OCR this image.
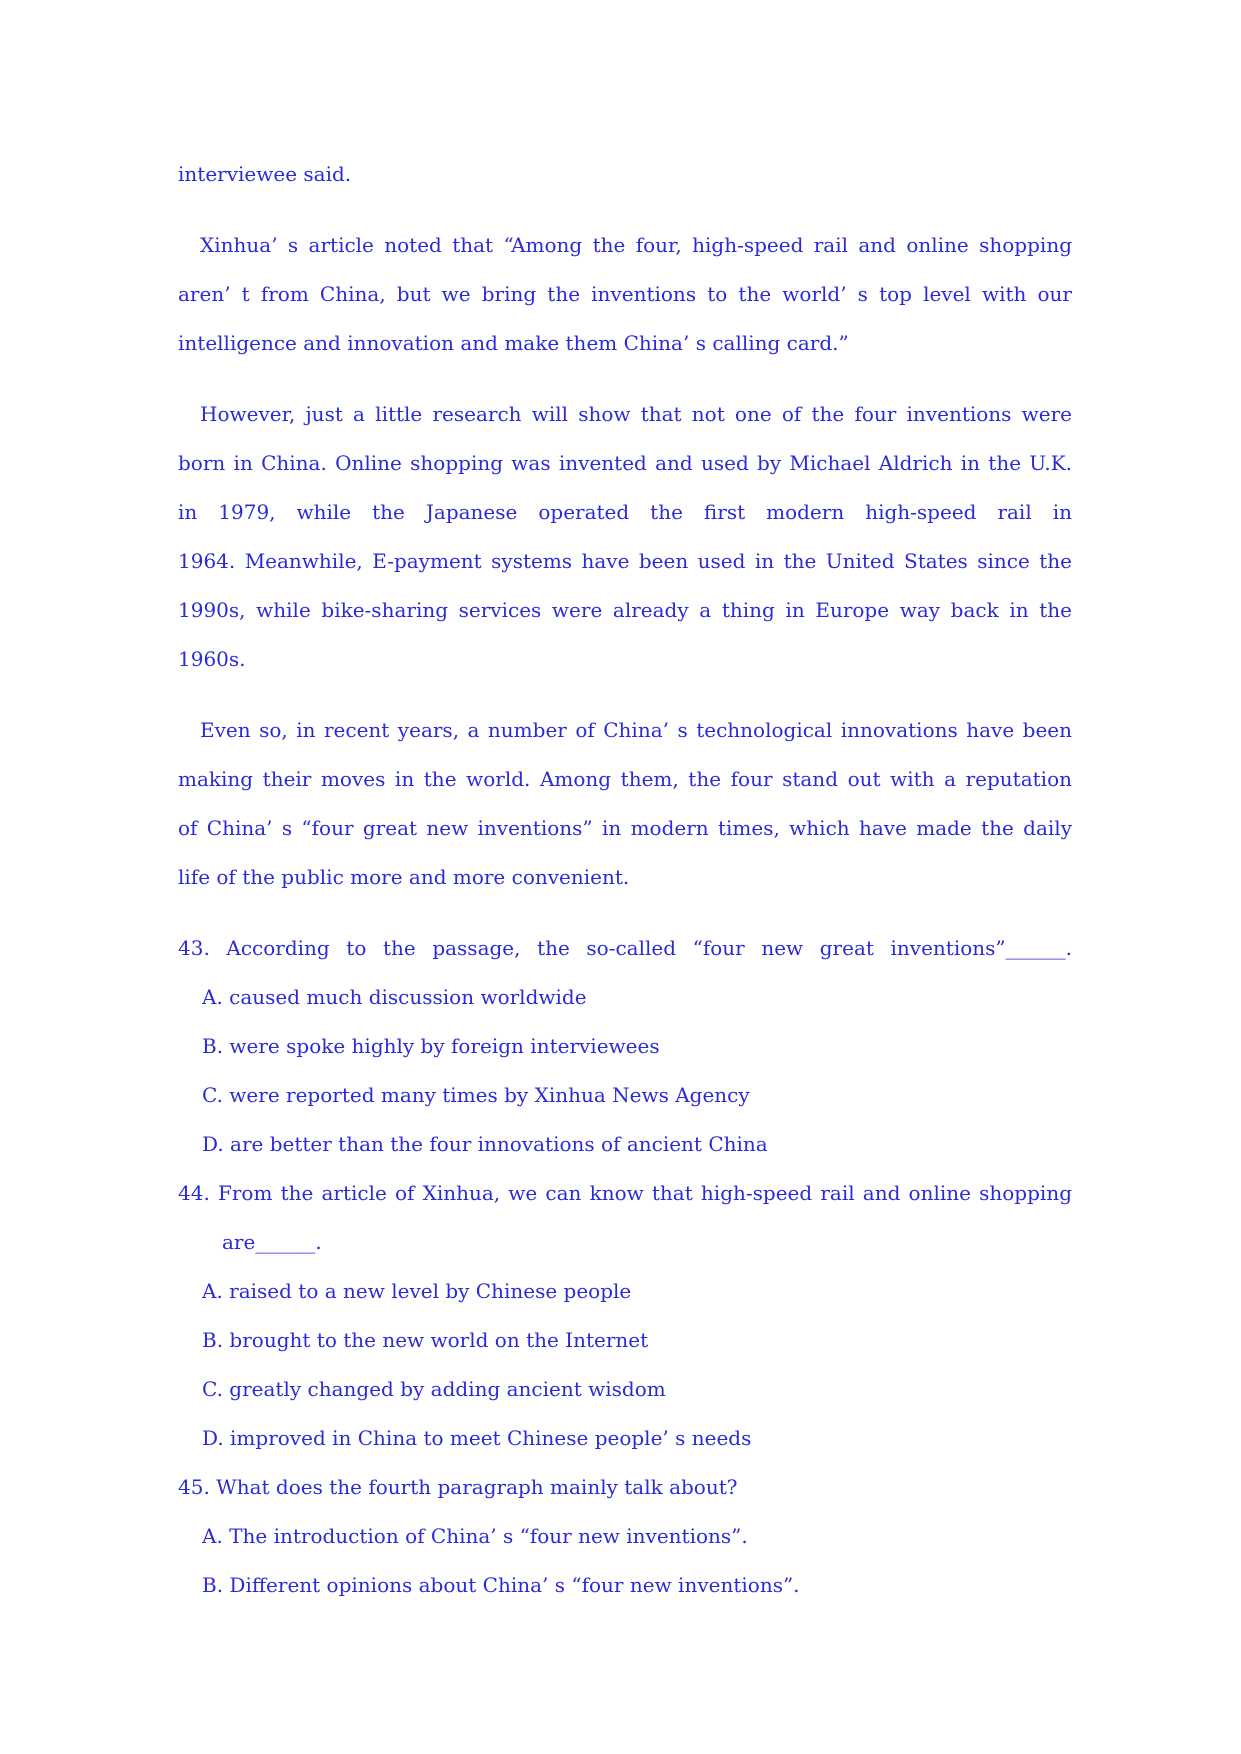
interviewee said.
Xinhua’ s article noted that “Among the four, high-speed rail and online shopping
aren’ t from China, but we bring the inventions to the world’ s top level with our
intelligence and innovation and make them China’ s calling card.”
However, just a little research will show that not one of the four inventions were
born in China. Online shopping was invented and used by Michael Aldrich in the U.K.
in 1979, while the Japanese operated the first modern high-speed rail in
1964. Meanwhile, E-payment systems have been used in the United States since the
1990s, while bike-sharing services were already a thing in Europe way back in the
1960s.
Even so, in recent years, a number of China’ s technological innovations have been
making their moves in the world. Among them, the four stand out with a reputation
of China’ s “four great new inventions” in modern times, which have made the daily
life of the public more and more convenient.
43. According to the passage, the so-called “four new great inventions”______.
A. caused much discussion worldwide
B. were spoke highly by foreign interviewees
C. were reported many times by Xinhua News Agency
D. are better than the four innovations of ancient China
44. From the article of Xinhua, we can know that high-speed rail and online shopping
are______.
A. raised to a new level by Chinese people
B. brought to the new world on the Internet
C. greatly changed by adding ancient wisdom
D. improved in China to meet Chinese people’ s needs
45. What does the fourth paragraph mainly talk about?
A. The introduction of China’ s “four new inventions”.
B. Different opinions about China’ s “four new inventions”.
